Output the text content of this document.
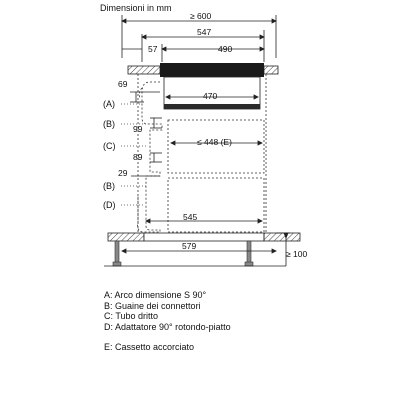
Dimensioni in mm
≥ 600
547
57	490
470
≤ 448 (E)
545
69
99
89
29
(A)
(B)
(C)
(B)
(D)
579
≥ 100
A: Arco dimensione S 90°
B: Guaine dei connettori
C: Tubo dritto
D: Adattatore 90° rotondo-piatto
E: Cassetto accorciato
